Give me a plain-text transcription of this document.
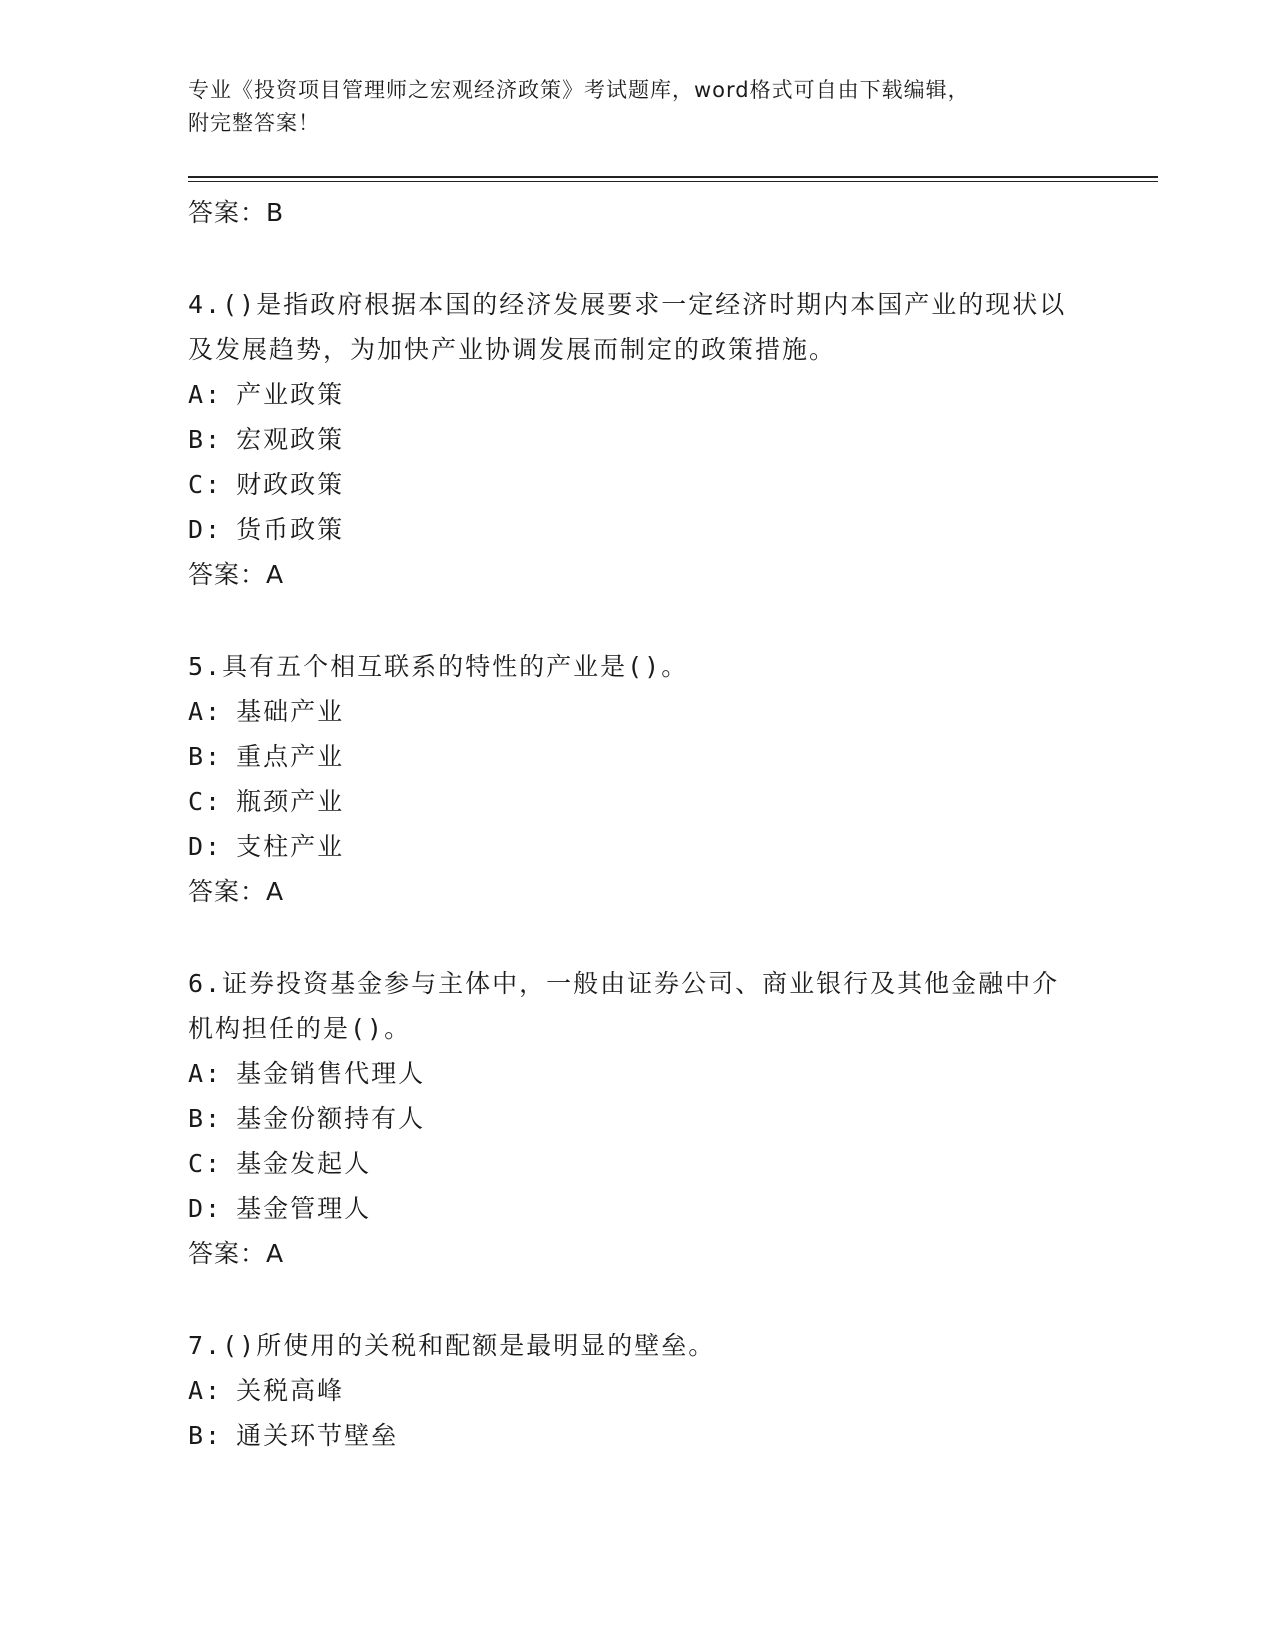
专业《投资项目管理师之宏观经济政策》考试题库，word格式可自由下载编辑，
附完整答案！
答案：B
4.()是指政府根据本国的经济发展要求一定经济时期内本国产业的现状以及发展趋势，为加快产业协调发展而制定的政策措施。
A: 产业政策
B: 宏观政策
C: 财政政策
D: 货币政策
答案：A
5.具有五个相互联系的特性的产业是()。
A: 基础产业
B: 重点产业
C: 瓶颈产业
D: 支柱产业
答案：A
6.证券投资基金参与主体中，一般由证券公司、商业银行及其他金融中介机构担任的是()。
A: 基金销售代理人
B: 基金份额持有人
C: 基金发起人
D: 基金管理人
答案：A
7.()所使用的关税和配额是最明显的壁垒。
A: 关税高峰
B: 通关环节壁垒
